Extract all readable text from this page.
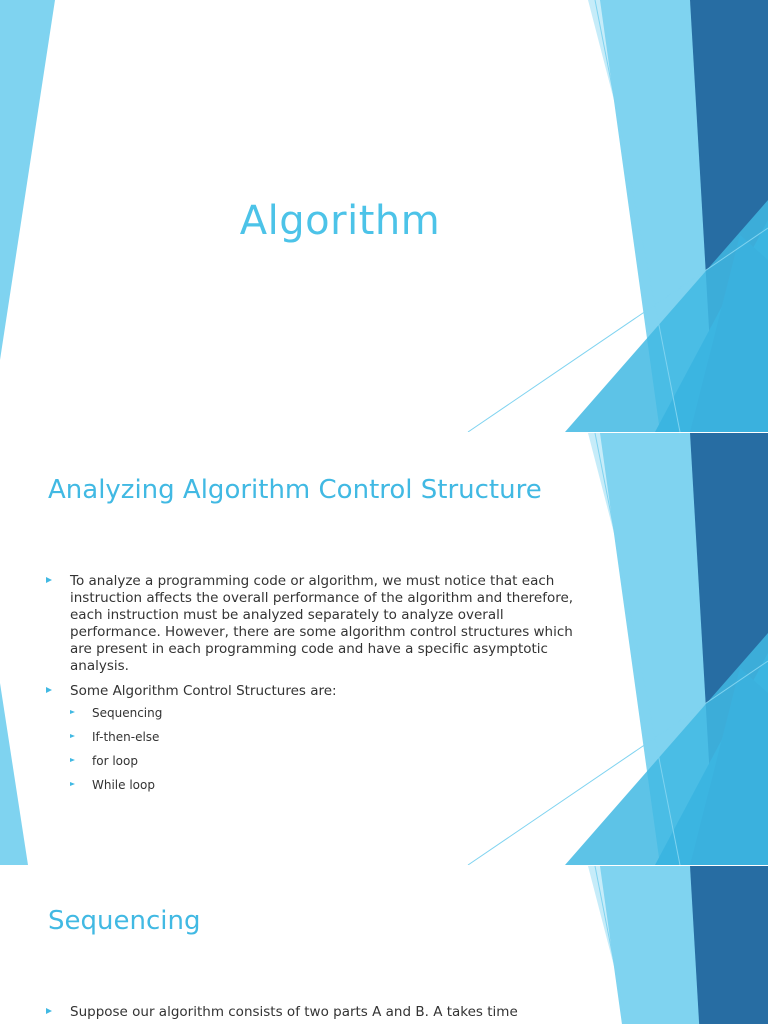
Algorithm
Analyzing Algorithm Control Structure
To analyze a programming code or algorithm, we must notice that each instruction affects the overall performance of the algorithm and therefore, each instruction must be analyzed separately to analyze overall performance. However, there are some algorithm control structures which are present in each programming code and have a specific asymptotic analysis.
Some Algorithm Control Structures are:
Sequencing
If-then-else
for loop
While loop
Sequencing
Suppose our algorithm consists of two parts A and B. A takes time
